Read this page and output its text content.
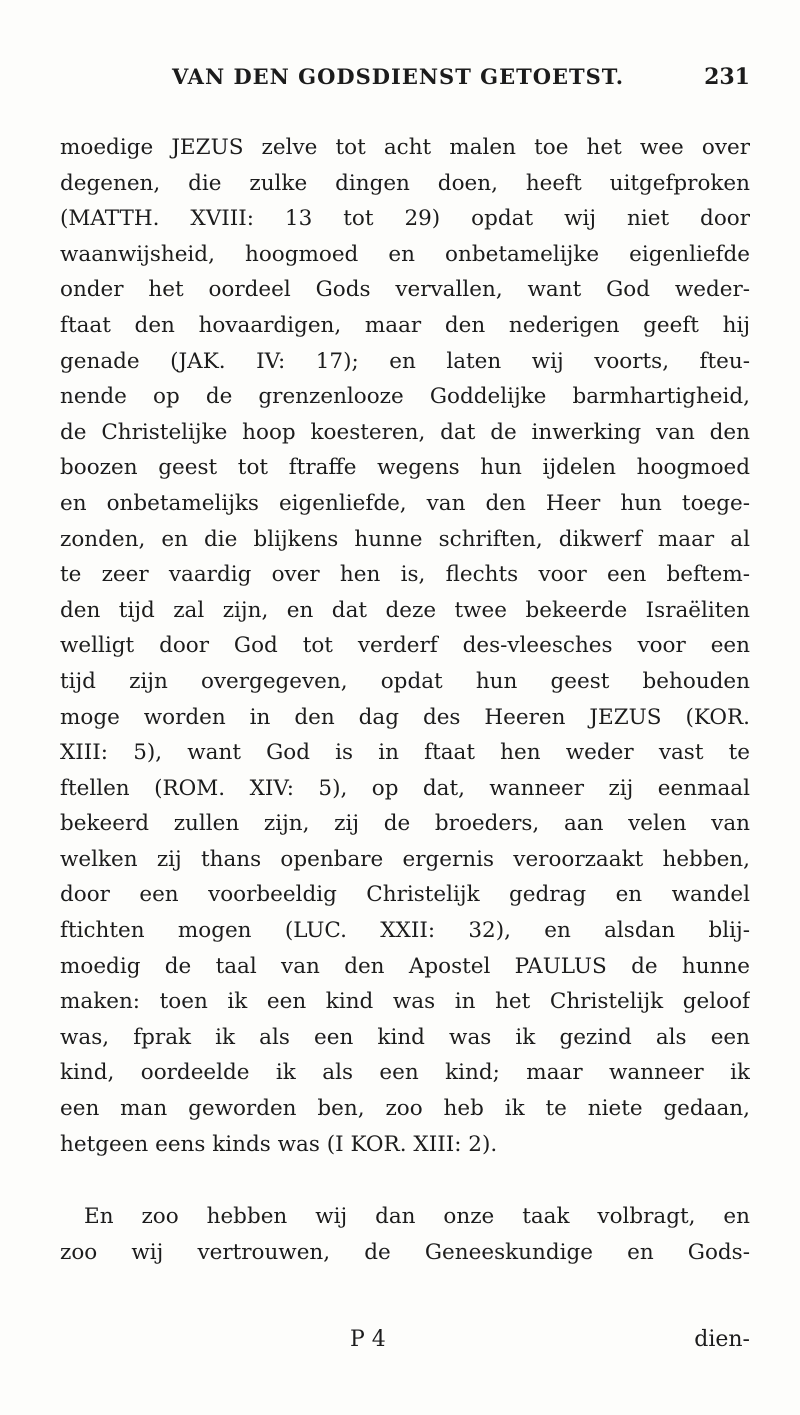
VAN DEN GODSDIENST GETOETST.	231
moedige JEZUS zelve tot acht malen toe het wee over
degenen, die zulke dingen doen, heeft uitgefproken
(MATTH. XVIII: 13 tot 29) opdat wij niet door
waanwijsheid, hoogmoed en onbetamelijke eigenliefde
onder het oordeel Gods vervallen, want God weder-
ftaat den hovaardigen, maar den nederigen geeft hij
genade (JAK. IV: 17); en laten wij voorts, fteu-
nende op de grenzenlooze Goddelijke barmhartigheid,
de Christelijke hoop koesteren, dat de inwerking van den
boozen geest tot ftraffe wegens hun ijdelen hoogmoed
en onbetamelijks eigenliefde, van den Heer hun toege-
zonden, en die blijkens hunne schriften, dikwerf maar al
te zeer vaardig over hen is, flechts voor een beftem-
den tijd zal zijn, en dat deze twee bekeerde Israëliten
welligt door God tot verderf des-vleesches voor een
tijd zijn overgegeven, opdat hun geest behouden
moge worden in den dag des Heeren JEZUS (KOR.
XIII: 5), want God is in ftaat hen weder vast te
ftellen (ROM. XIV: 5), op dat, wanneer zij eenmaal
bekeerd zullen zijn, zij de broeders, aan velen van
welken zij thans openbare ergernis veroorzaakt hebben,
door een voorbeeldig Christelijk gedrag en wandel
ftichten mogen (LUC. XXII: 32), en alsdan blij-
moedig de taal van den Apostel PAULUS de hunne
maken: toen ik een kind was in het Christelijk geloof
was, fprak ik als een kind was ik gezind als een
kind, oordeelde ik als een kind; maar wanneer ik
een man geworden ben, zoo heb ik te niete gedaan,
hetgeen eens kinds was (I KOR. XIII: 2).
En zoo hebben wij dan onze taak volbragt, en
zoo wij vertrouwen, de Geneeskundige en Gods-
P 4	dien-
